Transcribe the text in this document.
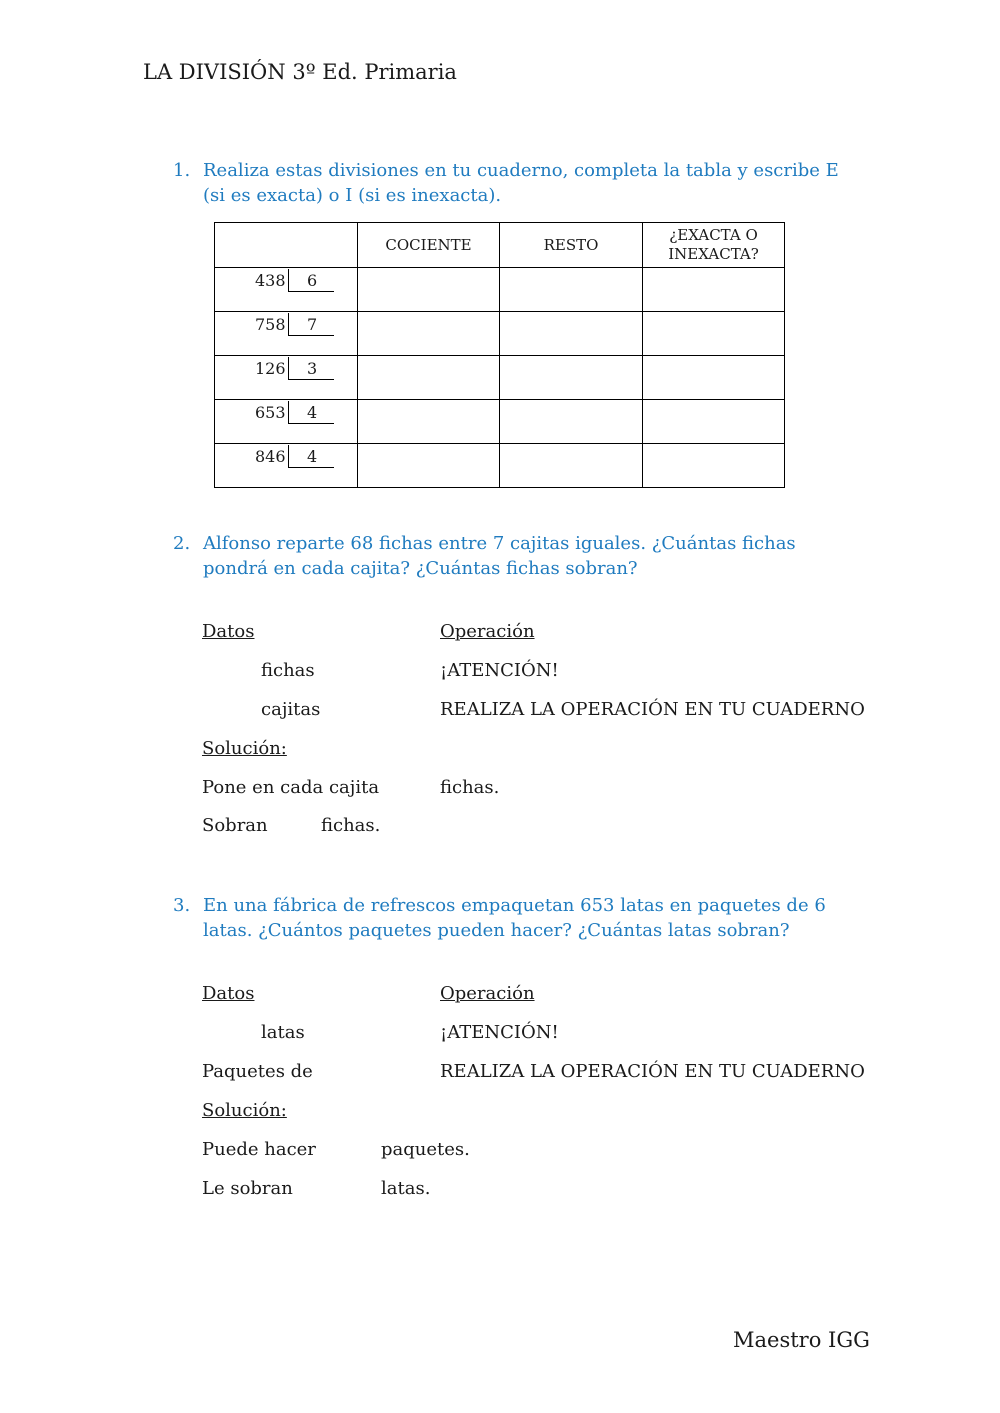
LA DIVISIÓN 3º Ed. Primaria
1. Realiza estas divisiones en tu cuaderno, completa la tabla y escribe E (si es exacta) o I (si es inexacta).
	COCIENTE	RESTO	¿EXACTA O INEXACTA?

438 6			

758 7			

126 3			

653 4			

846 4			

2. Alfonso reparte 68 fichas entre 7 cajitas iguales. ¿Cuántas fichas pondrá en cada cajita? ¿Cuántas fichas sobran?
Datos	Operación
fichas	¡ATENCIÓN!
cajitas	REALIZA LA OPERACIÓN EN TU CUADERNO
Solución:
Pone en cada cajita	fichas.
Sobran	fichas.
3. En una fábrica de refrescos empaquetan 653 latas en paquetes de 6 latas. ¿Cuántos paquetes pueden hacer? ¿Cuántas latas sobran?
Datos	Operación
latas	¡ATENCIÓN!
Paquetes de	REALIZA LA OPERACIÓN EN TU CUADERNO
Solución:
Puede hacer	paquetes.
Le sobran	latas.
Maestro IGG
